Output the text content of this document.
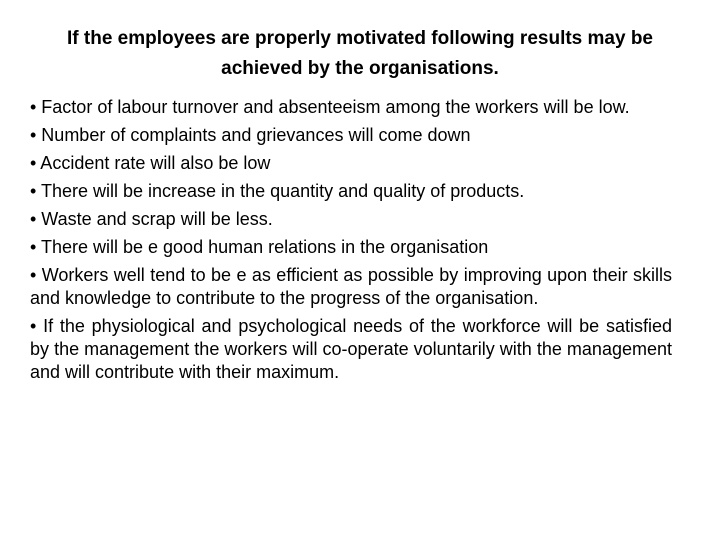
If the employees are properly motivated following results may be achieved by the organisations.
• Factor of labour turnover and absenteeism among the workers will be low.
• Number of complaints and grievances will come down
• Accident rate will also be low
• There will be increase in the quantity and quality of products.
• Waste and scrap will be less.
• There will be e good human relations in the organisation
• Workers well tend to be e as efficient as possible by improving upon their skills and knowledge to contribute to the progress of the organisation.
• If the physiological and psychological needs of the workforce will be satisfied by the management the workers will co-operate voluntarily with the management and will contribute with their maximum.
